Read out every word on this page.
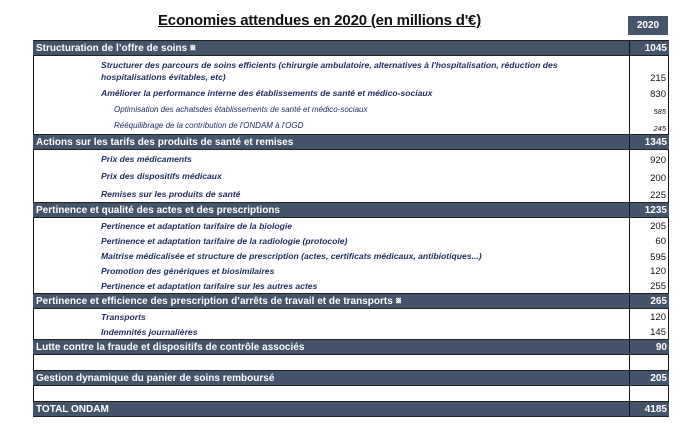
Economies attendues en 2020 (en millions d'€)	2020
Structuration de l’offre de soins ␧	1045
Structurer des parcours de soins efficients (chirurgie ambulatoire, alternatives à l'hospitalisation, réduction des hospitalisations évitables, etc)	215
Améliorer la performance interne des établissements de santé et médico-sociaux	830
Optimisation des achatsdes établissements de santé et médico-sociaux	585
Rééquilibrage de la contribution de l'ONDAM à l'OGD	245
Actions sur les tarifs des produits de santé et remises	1345
Prix des médicaments	920
Prix des dispositifs médicaux	200
Remises sur les produits de santé	225
Pertinence et qualité des actes et des prescriptions	1235
Pertinence et adaptation tarifaire de la biologie	205
Pertinence et adaptation tarifaire de la radiologie (protocole)	60
Maitrise médicalisée et structure de prescription (actes, certificats médicaux, antibiotiques...)	595
Promotion des génériques et biosimilaires	120
Pertinence et adaptation tarifaire sur les autres actes	255
Pertinence et efficience des prescription d’arrêts de travail et de transports ␧	265
Transports	120
Indemnités journalières	145
Lutte contre la fraude et dispositifs de contrôle associés	90
Gestion dynamique du panier de soins remboursé	205
TOTAL ONDAM	4185
